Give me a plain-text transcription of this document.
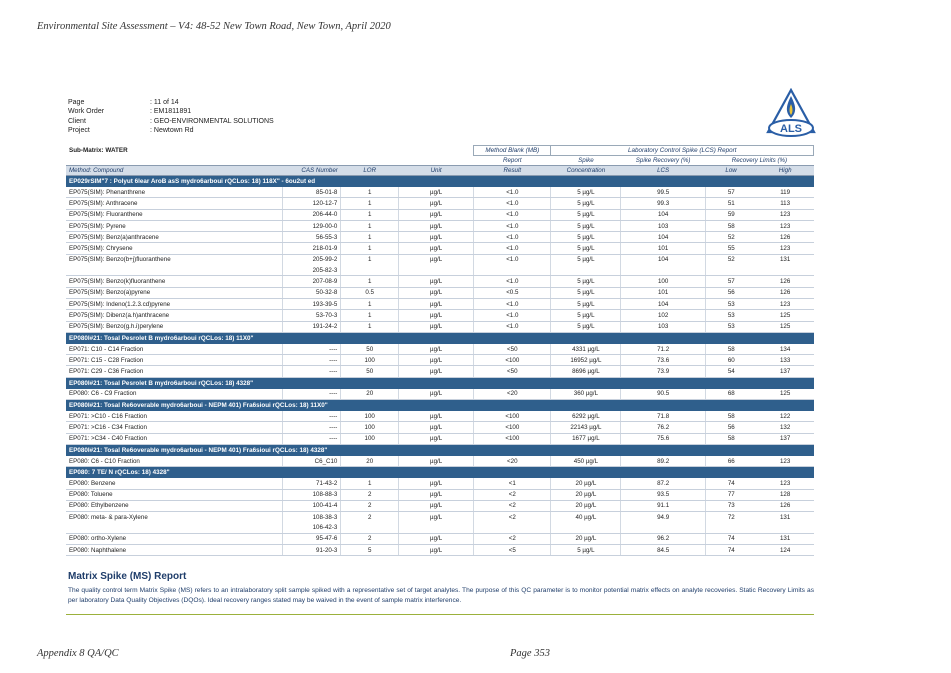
Environmental Site Assessment – V4: 48-52 New Town Road, New Town, April 2020
Page	: 11 of 14
Work Order	: EM1811891
Client	: GEO-ENVIRONMENTAL SOLUTIONS
Project	: Newtown Rd	ALS
Sub-Matrix: WATER				Method Blank (MB)	Laboratory Control Spike (LCS) Report			
				Report	Spike	Spike Recovery (%)	Recovery Limits (%)	
Method: Compound	CAS Number	LOR	Unit	Result	Concentration	LCS	Low	High
EP029rSIM"7 : Polyut 6lear AroB asS mydro6arboui rQCLos: 18) 118X" - 6ou2ut ed								
EP075(SIM): Phenanthrene	85-01-8	1	µg/L	<1.0	5 µg/L	99.5	57	119
EP075(SIM): Anthracene	120-12-7	1	µg/L	<1.0	5 µg/L	99.3	51	113
EP075(SIM): Fluoranthene	206-44-0	1	µg/L	<1.0	5 µg/L	104	59	123
EP075(SIM): Pyrene	129-00-0	1	µg/L	<1.0	5 µg/L	103	58	123
EP075(SIM): Benz(a)anthracene	56-55-3	1	µg/L	<1.0	5 µg/L	104	52	126
EP075(SIM): Chrysene	218-01-9	1	µg/L	<1.0	5 µg/L	101	55	123
EP075(SIM): Benzo(b+j)fluoranthene	205-99-2	1	µg/L	<1.0	5 µg/L	104	52	131
	205-82-3							
EP075(SIM): Benzo(k)fluoranthene	207-08-9	1	µg/L	<1.0	5 µg/L	100	57	126
EP075(SIM): Benzo(a)pyrene	50-32-8	0.5	µg/L	<0.5	5 µg/L	101	56	126
EP075(SIM): Indeno(1.2.3.cd)pyrene	193-39-5	1	µg/L	<1.0	5 µg/L	104	53	123
EP075(SIM): Dibenz(a.h)anthracene	53-70-3	1	µg/L	<1.0	5 µg/L	102	53	125
EP075(SIM): Benzo(g.h.i)perylene	191-24-2	1	µg/L	<1.0	5 µg/L	103	53	125
EP080I#21: Tosal Pesrolet B mydro6arboui rQCLos: 18) 11X0"								
EP071: C10 - C14 Fraction	----	50	µg/L	<50	4331 µg/L	71.2	58	134
EP071: C15 - C28 Fraction	----	100	µg/L	<100	16952 µg/L	73.6	60	133
EP071: C29 - C36 Fraction	----	50	µg/L	<50	8696 µg/L	73.9	54	137
EP080I#21: Tosal Pesrolet B mydro6arboui rQCLos: 18) 4328"								
EP080: C6 - C9 Fraction	----	20	µg/L	<20	360 µg/L	90.5	68	125
EP080I#21: Tosal Re6overable mydro6arboui - NEPM 401) Fra6sioui rQCLos: 18) 11X0"								
EP071: >C10 - C16 Fraction	----	100	µg/L	<100	6292 µg/L	71.8	58	122
EP071: >C16 - C34 Fraction	----	100	µg/L	<100	22143 µg/L	76.2	56	132
EP071: >C34 - C40 Fraction	----	100	µg/L	<100	1677 µg/L	75.6	58	137
EP080I#21: Tosal Re6overable mydro6arboui - NEPM 401) Fra6sioui rQCLos: 18) 4328"								
EP080: C6 - C10 Fraction	C6_C10	20	µg/L	<20	450 µg/L	89.2	66	123
EP080: 7 TE/ N rQCLos: 18) 4328"								
EP080: Benzene	71-43-2	1	µg/L	<1	20 µg/L	87.2	74	123
EP080: Toluene	108-88-3	2	µg/L	<2	20 µg/L	93.5	77	128
EP080: Ethylbenzene	100-41-4	2	µg/L	<2	20 µg/L	91.1	73	126
EP080: meta- & para-Xylene	108-38-3	2	µg/L	<2	40 µg/L	94.9	72	131
	106-42-3							
EP080: ortho-Xylene	95-47-6	2	µg/L	<2	20 µg/L	96.2	74	131
EP080: Naphthalene	91-20-3	5	µg/L	<5	5 µg/L	84.5	74	124
Matrix Spike (MS) Report
The quality control term Matrix Spike (MS) refers to an intralaboratory split sample spiked with a representative set of target analytes. The purpose of this QC parameter is to monitor potential matrix effects on analyte recoveries. Static Recovery Limits as per laboratory Data Quality Objectives (DQOs). Ideal recovery ranges stated may be waived in the event of sample matrix interference.
Appendix 8 QA/QC	Page 353
